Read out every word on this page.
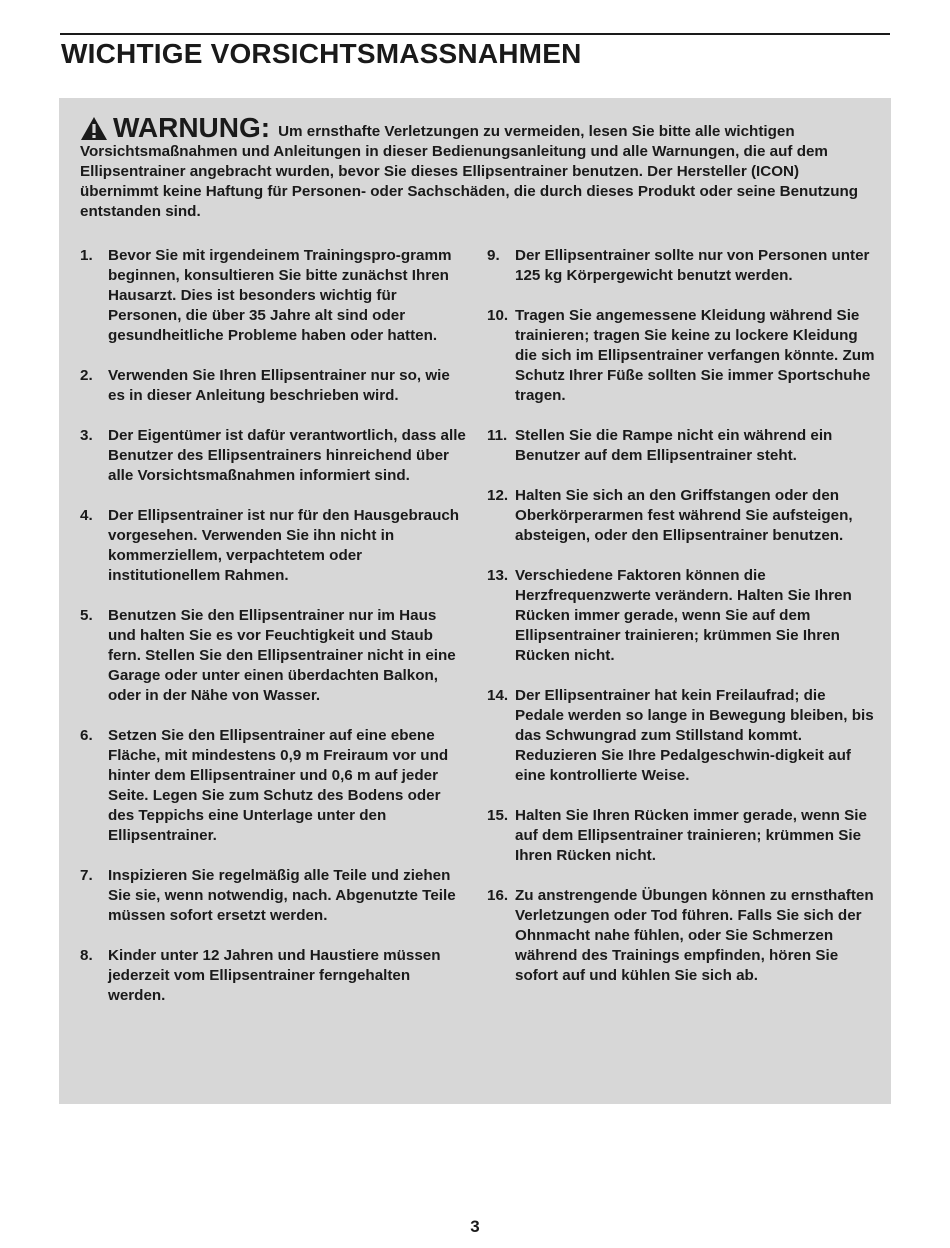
WICHTIGE VORSICHTSMASSNAHMEN

WARNUNG: Um ernsthafte Verletzungen zu vermeiden, lesen Sie bitte alle wichtigen Vorsichtsmaßnahmen und Anleitungen in dieser Bedienungsanleitung und alle Warnungen, die auf dem Ellipsentrainer angebracht wurden, bevor Sie dieses Ellipsentrainer benutzen. Der Hersteller (ICON) übernimmt keine Haftung für Personen- oder Sachschäden, die durch dieses Produkt oder seine Benutzung entstanden sind.

1.	Bevor Sie mit irgendeinem Trainingspro-gramm beginnen, konsultieren Sie bitte zunächst Ihren Hausarzt. Dies ist besonders wichtig für Personen, die über 35 Jahre alt sind oder gesundheitliche Probleme haben oder hatten.
2.	Verwenden Sie Ihren Ellipsentrainer nur so, wie es in dieser Anleitung beschrieben wird.
3.	Der Eigentümer ist dafür verantwortlich, dass alle Benutzer des Ellipsentrainers hinreichend über alle Vorsichtsmaßnahmen informiert sind.
4.	Der Ellipsentrainer ist nur für den Hausgebrauch vorgesehen. Verwenden Sie ihn nicht in kommerziellem, verpachtetem oder institutionellem Rahmen.
5.	Benutzen Sie den Ellipsentrainer nur im Haus und halten Sie es vor Feuchtigkeit und Staub fern. Stellen Sie den Ellipsentrainer nicht in eine Garage oder unter einen überdachten Balkon, oder in der Nähe von Wasser.
6.	Setzen Sie den Ellipsentrainer auf eine ebene Fläche, mit mindestens 0,9 m Freiraum vor und hinter dem Ellipsentrainer und 0,6 m auf jeder Seite. Legen Sie zum Schutz des Bodens oder des Teppichs eine Unterlage unter den Ellipsentrainer.
7.	Inspizieren Sie regelmäßig alle Teile und ziehen Sie sie, wenn notwendig, nach. Abgenutzte Teile müssen sofort ersetzt werden.
8.	Kinder unter 12 Jahren und Haustiere müssen jederzeit vom Ellipsentrainer ferngehalten werden.
9.	Der Ellipsentrainer sollte nur von Personen unter 125 kg Körpergewicht benutzt werden.
10. Tragen Sie angemessene Kleidung während Sie trainieren; tragen Sie keine zu lockere Kleidung die sich im Ellipsentrainer verfangen könnte. Zum Schutz Ihrer Füße sollten Sie immer Sportschuhe tragen.
11. Stellen Sie die Rampe nicht ein während ein Benutzer auf dem Ellipsentrainer steht.
12. Halten Sie sich an den Griffstangen oder den Oberkörperarmen fest während Sie aufsteigen, absteigen, oder den Ellipsentrainer benutzen.
13. Verschiedene Faktoren können die Herzfrequenzwerte verändern. Halten Sie Ihren Rücken immer gerade, wenn Sie auf dem Ellipsentrainer trainieren; krümmen Sie Ihren Rücken nicht.
14. Der Ellipsentrainer hat kein Freilaufrad; die Pedale werden so lange in Bewegung bleiben, bis das Schwungrad zum Stillstand kommt. Reduzieren Sie Ihre Pedalgeschwin-digkeit auf eine kontrollierte Weise.
15. Halten Sie Ihren Rücken immer gerade, wenn Sie auf dem Ellipsentrainer trainieren; krümmen Sie Ihren Rücken nicht.
16. Zu anstrengende Übungen können zu ernsthaften Verletzungen oder Tod führen. Falls Sie sich der Ohnmacht nahe fühlen, oder Sie Schmerzen während des Trainings empfinden, hören Sie sofort auf und kühlen Sie sich ab.
3
